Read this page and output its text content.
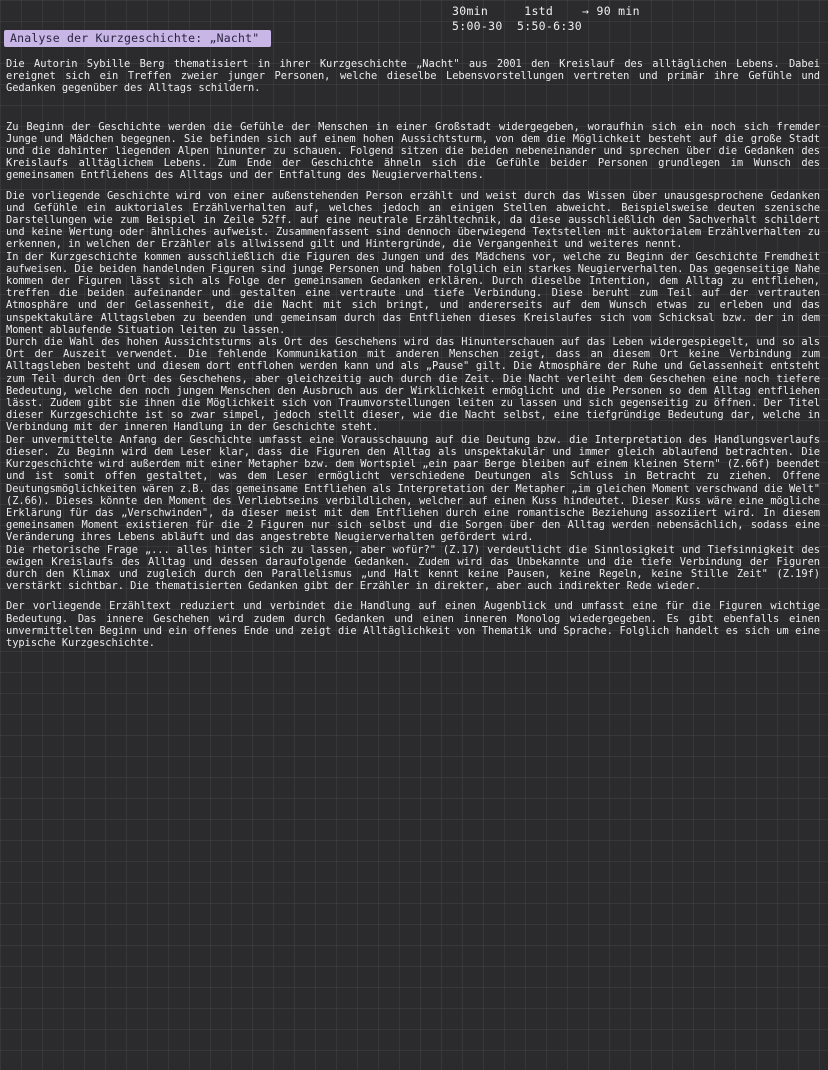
30min     1std    → 90 min
5:00-30  5:50-6:30
Analyse der Kurzgeschichte: „Nacht"

Die Autorin Sybille Berg thematisiert in ihrer Kurzgeschichte „Nacht" aus 2001 den Kreislauf des alltäglichen Lebens. Dabei ereignet sich ein Treffen zweier junger Personen, welche dieselbe Lebensvorstellungen vertreten und primär ihre Gefühle und Gedanken gegenüber des Alltags schildern.

Zu Beginn der Geschichte werden die Gefühle der Menschen in einer Großstadt widergegeben, woraufhin sich ein noch sich fremder Junge und Mädchen begegnen. Sie befinden sich auf einem hohen Aussichtsturm, von dem die Möglichkeit besteht auf die große Stadt und die dahinter liegenden Alpen hinunter zu schauen. Folgend sitzen die beiden nebeneinander und sprechen über die Gedanken des Kreislaufs alltäglichem Lebens. Zum Ende der Geschichte ähneln sich die Gefühle beider Personen grundlegen im Wunsch des gemeinsamen Entfliehens des Alltags und der Entfaltung des Neugierverhaltens.

Die vorliegende Geschichte wird von einer außenstehenden Person erzählt und weist durch das Wissen über unausgesprochene Gedanken und Gefühle ein auktoriales Erzählverhalten auf, welches jedoch an einigen Stellen abweicht. Beispielsweise deuten szenische Darstellungen wie zum Beispiel in Zeile 52ff. auf eine neutrale Erzähltechnik, da diese ausschließlich den Sachverhalt schildert und keine Wertung oder ähnliches aufweist. Zusammenfassent sind dennoch überwiegend Textstellen mit auktorialem Erzählverhalten zu erkennen, in welchen der Erzähler als allwissend gilt und Hintergründe, die Vergangenheit und weiteres nennt.

In der Kurzgeschichte kommen ausschließlich die Figuren des Jungen und des Mädchens vor, welche zu Beginn der Geschichte Fremdheit aufweisen. Die beiden handelnden Figuren sind junge Personen und haben folglich ein starkes Neugierverhalten. Das gegenseitige Nahe kommen der Figuren lässt sich als Folge der gemeinsamen Gedanken erklären. Durch dieselbe Intention, dem Alltag zu entfliehen, treffen die beiden aufeinander und gestalten eine vertraute und tiefe Verbindung. Diese beruht zum Teil auf der vertrauten Atmosphäre und der Gelassenheit, die die Nacht mit sich bringt, und andererseits auf dem Wunsch etwas zu erleben und das unspektakuläre Alltagsleben zu beenden und gemeinsam durch das Entfliehen dieses Kreislaufes sich vom Schicksal bzw. der in dem Moment ablaufende Situation leiten zu lassen.

Durch die Wahl des hohen Aussichtsturms als Ort des Geschehens wird das Hinunterschauen auf das Leben widergespiegelt, und so als Ort der Auszeit verwendet. Die fehlende Kommunikation mit anderen Menschen zeigt, dass an diesem Ort keine Verbindung zum Alltagsleben besteht und diesem dort entflohen werden kann und als „Pause" gilt. Die Atmosphäre der Ruhe und Gelassenheit entsteht zum Teil durch den Ort des Geschehens, aber gleichzeitig auch durch die Zeit. Die Nacht verleiht dem Geschehen eine noch tiefere Bedeutung, welche den noch jungen Menschen den Ausbruch aus der Wirklichkeit ermöglicht und die Personen so dem Alltag entfliehen lässt. Zudem gibt sie ihnen die Möglichkeit sich von Traumvorstellungen leiten zu lassen und sich gegenseitig zu öffnen. Der Titel dieser Kurzgeschichte ist so zwar simpel, jedoch stellt dieser, wie die Nacht selbst, eine tiefgründige Bedeutung dar, welche in Verbindung mit der inneren Handlung in der Geschichte steht.

Der unvermittelte Anfang der Geschichte umfasst eine Vorausschauung auf die Deutung bzw. die Interpretation des Handlungsverlaufs dieser. Zu Beginn wird dem Leser klar, dass die Figuren den Alltag als unspektakulär und immer gleich ablaufend betrachten. Die Kurzgeschichte wird außerdem mit einer Metapher bzw. dem Wortspiel „ein paar Berge bleiben auf einem kleinen Stern" (Z.66f) beendet und ist somit offen gestaltet, was dem Leser ermöglicht verschiedene Deutungen als Schluss in Betracht zu ziehen. Offene Deutungsmöglichkeiten wären z.B. das gemeinsame Entfliehen als Interpretation der Metapher „im gleichen Moment verschwand die Welt" (Z.66). Dieses könnte den Moment des Verliebtseins verbildlichen, welcher auf einen Kuss hindeutet. Dieser Kuss wäre eine mögliche Erklärung für das „Verschwinden", da dieser meist mit dem Entfliehen durch eine romantische Beziehung assoziiert wird. In diesem gemeinsamen Moment existieren für die 2 Figuren nur sich selbst und die Sorgen über den Alltag werden nebensächlich, sodass eine Veränderung ihres Lebens abläuft und das angestrebte Neugierverhalten gefördert wird.

Die rhetorische Frage „... alles hinter sich zu lassen, aber wofür?" (Z.17) verdeutlicht die Sinnlosigkeit und Tiefsinnigkeit des ewigen Kreislaufs des Alltag und dessen daraufolgende Gedanken. Zudem wird das Unbekannte und die tiefe Verbindung der Figuren durch den Klimax und zugleich durch den Parallelismus „und Halt kennt keine Pausen, keine Regeln, keine Stille Zeit" (Z.19f) verstärkt sichtbar. Die thematisierten Gedanken gibt der Erzähler in direkter, aber auch indirekter Rede wieder.

Der vorliegende Erzähltext reduziert und verbindet die Handlung auf einen Augenblick und umfasst eine für die Figuren wichtige Bedeutung. Das innere Geschehen wird zudem durch Gedanken und einen inneren Monolog wiedergegeben. Es gibt ebenfalls einen unvermittelten Beginn und ein offenes Ende und zeigt die Alltäglichkeit von Thematik und Sprache. Folglich handelt es sich um eine typische Kurzgeschichte.
